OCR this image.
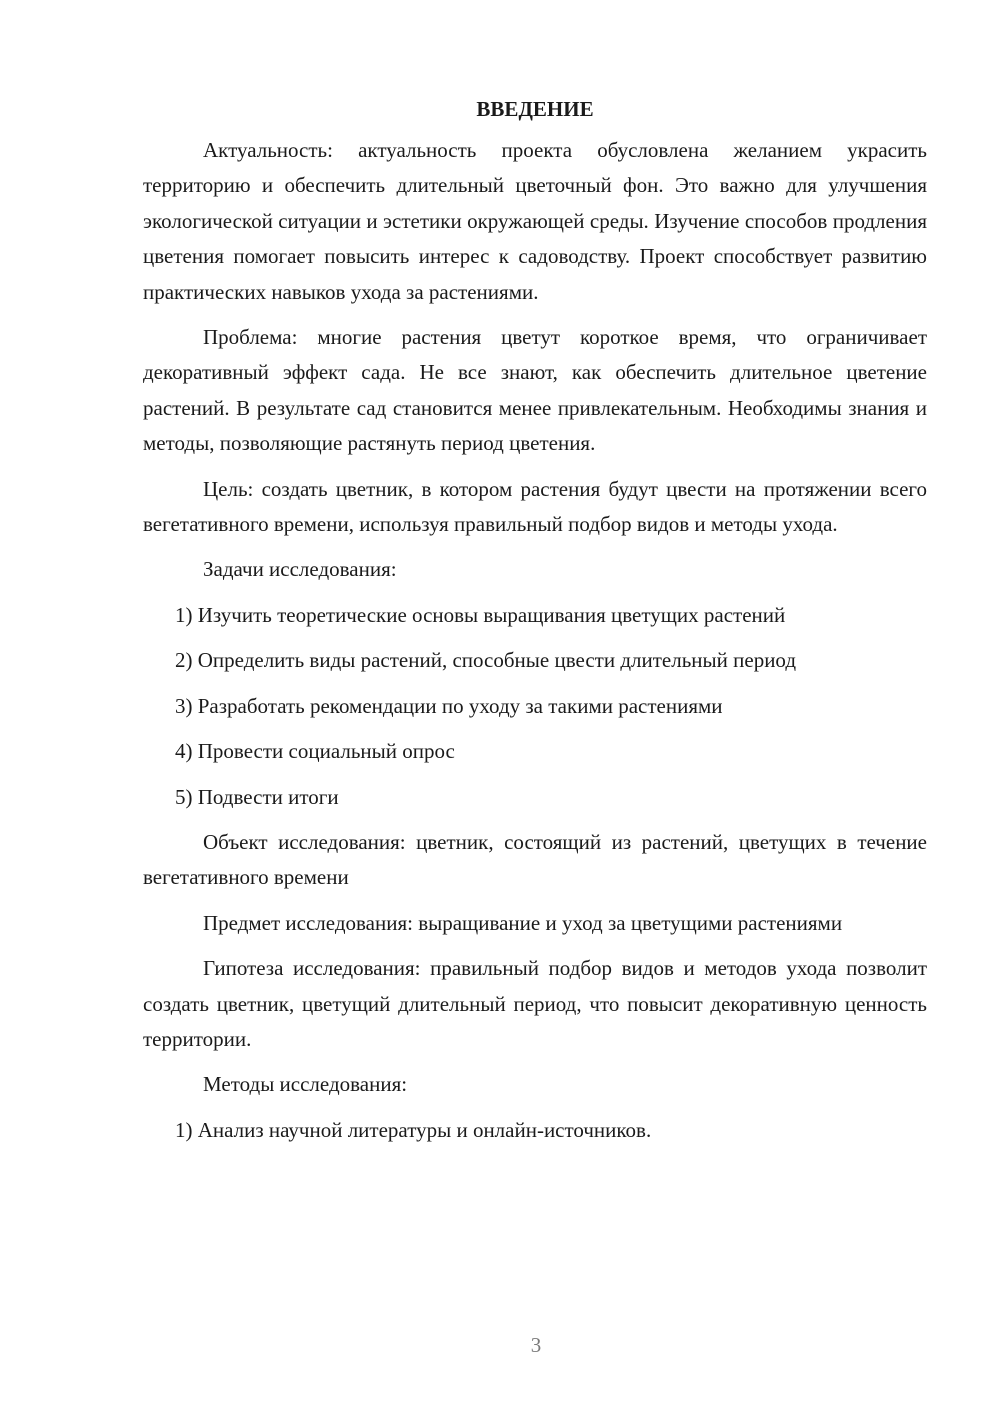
ВВЕДЕНИЕ

Актуальность: актуальность проекта обусловлена желанием украсить территорию и обеспечить длительный цветочный фон. Это важно для улучшения экологической ситуации и эстетики окружающей среды. Изучение способов продления цветения помогает повысить интерес к садоводству. Проект способствует развитию практических навыков ухода за растениями.

Проблема: многие растения цветут короткое время, что ограничивает декоративный эффект сада. Не все знают, как обеспечить длительное цветение растений. В результате сад становится менее привлекательным. Необходимы знания и методы, позволяющие растянуть период цветения.

Цель: создать цветник, в котором растения будут цвести на протяжении всего вегетативного времени, используя правильный подбор видов и методы ухода.

Задачи исследования:

1) Изучить теоретические основы выращивания цветущих растений

2) Определить виды растений, способные цвести длительный период

3) Разработать рекомендации по уходу за такими растениями

4) Провести социальный опрос

5) Подвести итоги

Объект исследования: цветник, состоящий из растений, цветущих в течение вегетативного времени

Предмет исследования: выращивание и уход за цветущими растениями

Гипотеза исследования: правильный подбор видов и методов ухода позволит создать цветник, цветущий длительный период, что повысит декоративную ценность территории.

Методы исследования:

1) Анализ научной литературы и онлайн-источников.

3
